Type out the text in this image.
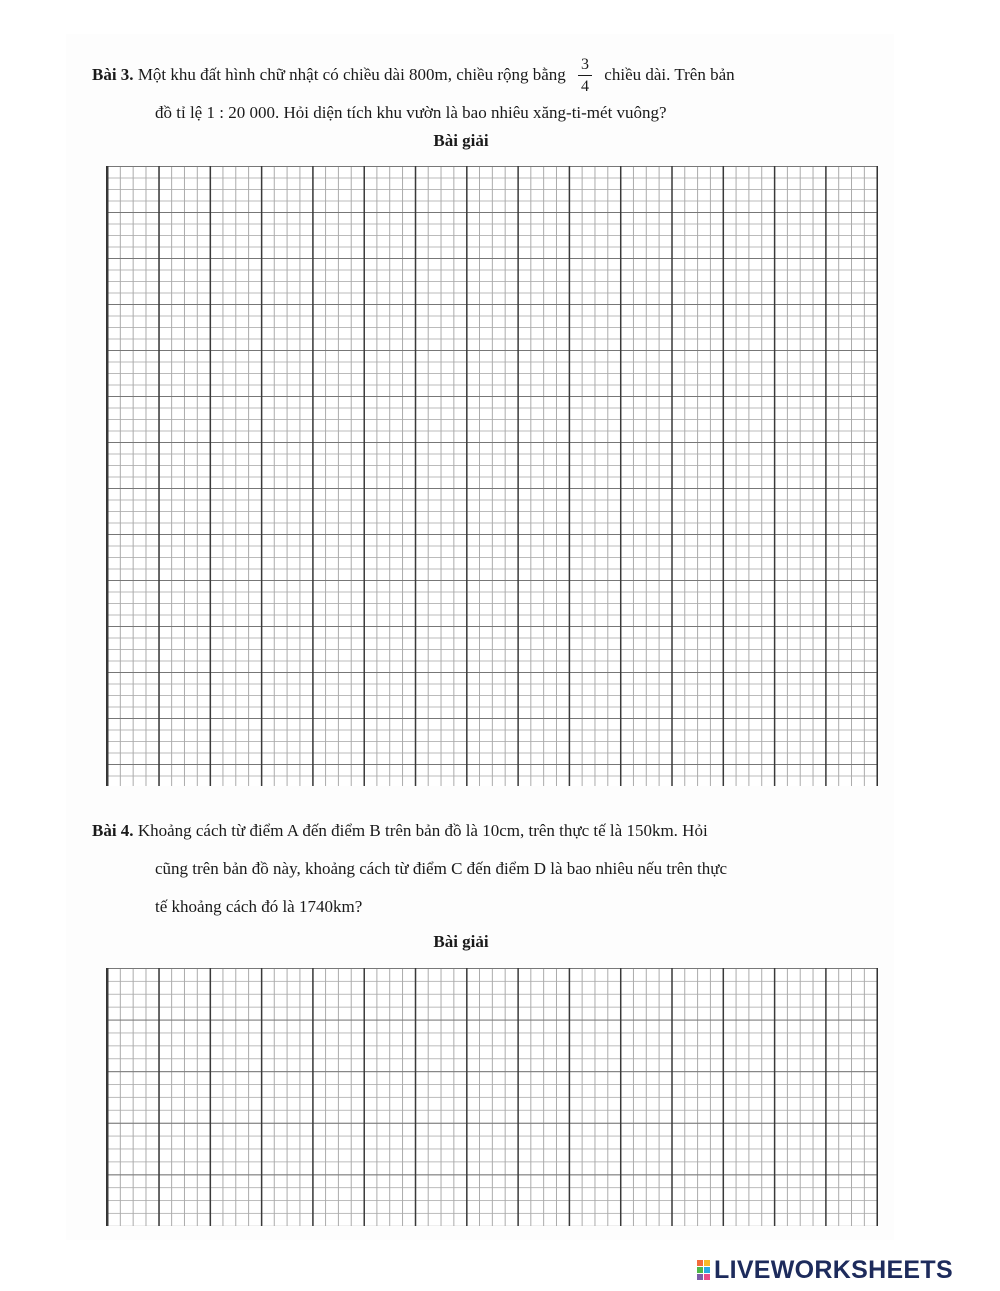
Bài 3. Một khu đất hình chữ nhật có chiều dài 800m, chiều rộng bằng $\frac{3}{4}$ chiều dài. Trên bản
đồ tỉ lệ 1 : 20 000. Hỏi diện tích khu vườn là bao nhiêu xăng-ti-mét vuông?
Bài giải
Bài 4. Khoảng cách từ điểm A đến điểm B trên bản đồ là 10cm, trên thực tế là 150km. Hỏi
cũng trên bản đồ này, khoảng cách từ điểm C đến điểm D là bao nhiêu nếu trên thực
tế khoảng cách đó là 1740km?
Bài giải
LIVEWORKSHEETS
